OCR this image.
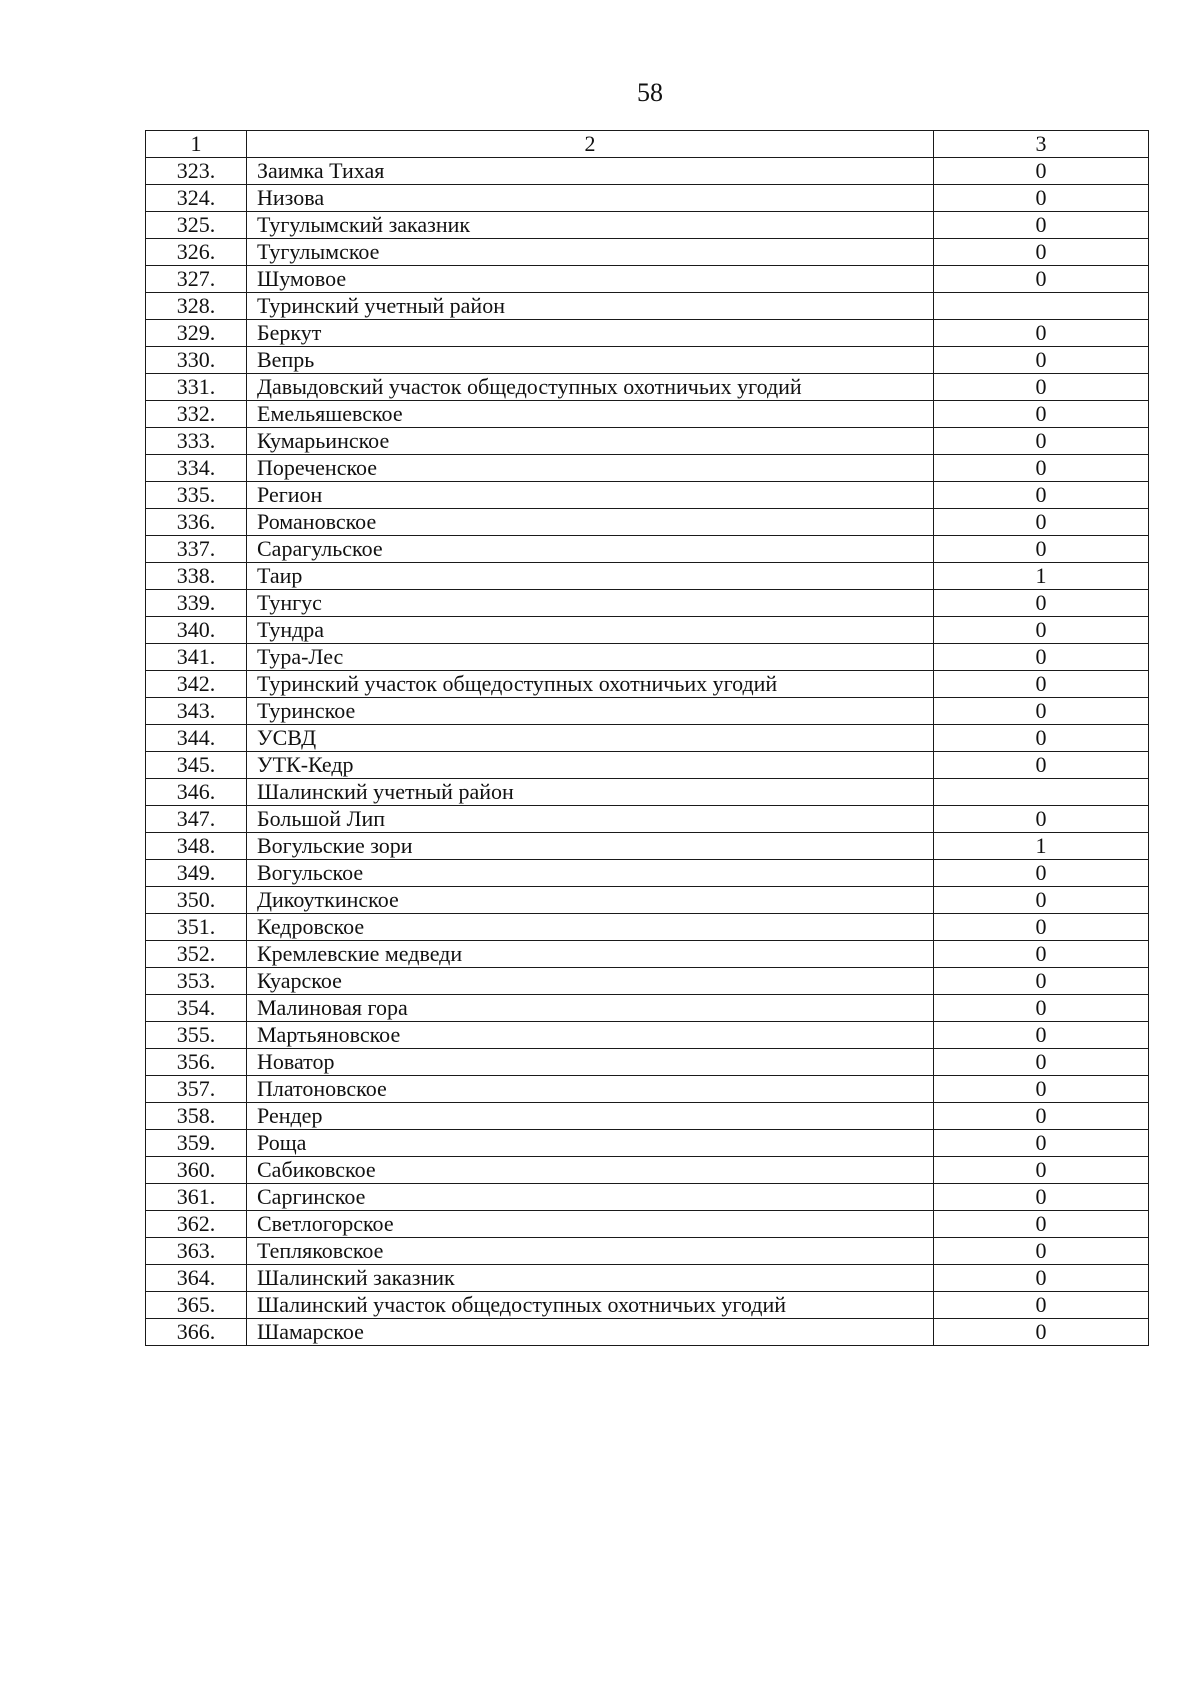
58
1	2	3
323.	Заимка Тихая	0
324.	Низова	0
325.	Тугулымский заказник	0
326.	Тугулымское	0
327.	Шумовое	0
328.	Туринский учетный район	
329.	Беркут	0
330.	Вепрь	0
331.	Давыдовский участок общедоступных охотничьих угодий	0
332.	Емельяшевское	0
333.	Кумарьинское	0
334.	Пореченское	0
335.	Регион	0
336.	Романовское	0
337.	Сарагульское	0
338.	Таир	1
339.	Тунгус	0
340.	Тундра	0
341.	Тура-Лес	0
342.	Туринский участок общедоступных охотничьих угодий	0
343.	Туринское	0
344.	УСВД	0
345.	УТК-Кедр	0
346.	Шалинский учетный район	
347.	Большой Лип	0
348.	Вогульские зори	1
349.	Вогульское	0
350.	Дикоуткинское	0
351.	Кедровское	0
352.	Кремлевские медведи	0
353.	Куарское	0
354.	Малиновая гора	0
355.	Мартьяновское	0
356.	Новатор	0
357.	Платоновское	0
358.	Рендер	0
359.	Роща	0
360.	Сабиковское	0
361.	Саргинское	0
362.	Светлогорское	0
363.	Тепляковское	0
364.	Шалинский заказник	0
365.	Шалинский участок общедоступных охотничьих угодий	0
366.	Шамарское	0
